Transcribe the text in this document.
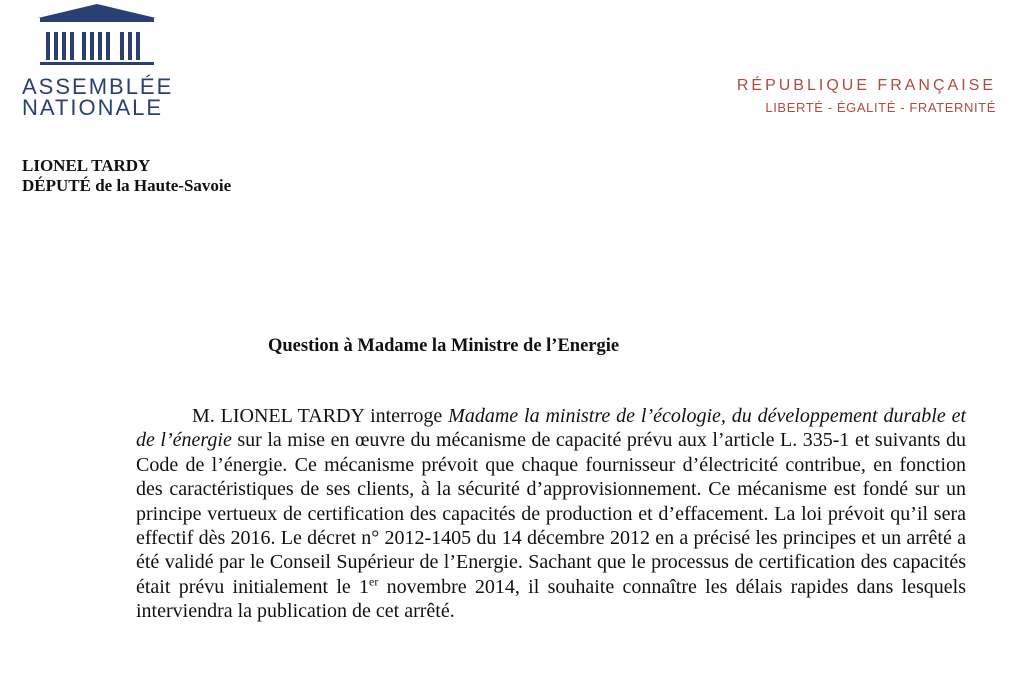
ASSEMBLÉE
NATIONALE
RÉPUBLIQUE FRANÇAISE
LIBERTÉ - ÉGALITÉ - FRATERNITÉ
LIONEL TARDY
DÉPUTÉ de la Haute-Savoie
Question à Madame la Ministre de l’Energie
M. LIONEL TARDY interroge Madame la ministre de l’écologie, du développement durable et de l’énergie sur la mise en œuvre du mécanisme de capacité prévu aux l’article L. 335-1 et suivants du Code de l’énergie. Ce mécanisme prévoit que chaque fournisseur d’électricité contribue, en fonction des caractéristiques de ses clients, à la sécurité d’approvisionnement. Ce mécanisme est fondé sur un principe vertueux de certification des capacités de production et d’effacement. La loi prévoit qu’il sera effectif dès 2016. Le décret n° 2012-1405 du 14 décembre 2012 en a précisé les principes et un arrêté a été validé par le Conseil Supérieur de l’Energie. Sachant que le processus de certification des capacités était prévu initialement le 1er novembre 2014, il souhaite connaître les délais rapides dans lesquels interviendra la publication de cet arrêté.
